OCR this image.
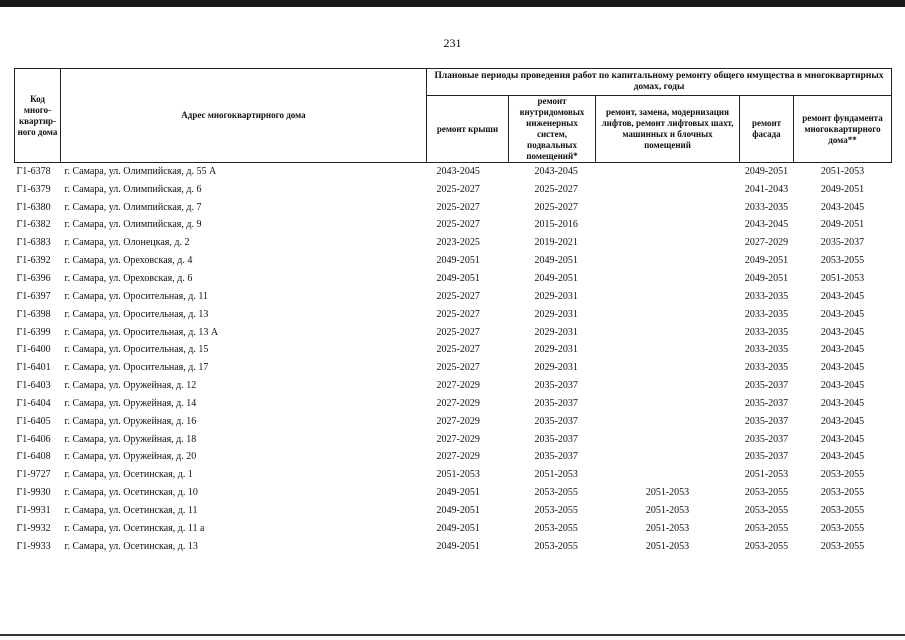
231
Код много-квартир-ного дома	Адрес многоквартирного дома	Плановые периоды проведения работ по капитальному ремонту общего имущества в многоквартирных домах, годы				
		ремонт крыши	ремонт внутридомовых инженерных систем, подвальных помещений*	ремонт, замена, модернизация лифтов, ремонт лифтовых шахт, машинных и блочных помещений	ремонт фасада	ремонт фундамента многоквартирного дома**
Г1-6378	г. Самара, ул. Олимпийская, д. 55 А	2043-2045	2043-2045		2049-2051	2051-2053
Г1-6379	г. Самара, ул. Олимпийская, д. 6	2025-2027	2025-2027		2041-2043	2049-2051
Г1-6380	г. Самара, ул. Олимпийская, д. 7	2025-2027	2025-2027		2033-2035	2043-2045
Г1-6382	г. Самара, ул. Олимпийская, д. 9	2025-2027	2015-2016		2043-2045	2049-2051
Г1-6383	г. Самара, ул. Олонецкая, д. 2	2023-2025	2019-2021		2027-2029	2035-2037
Г1-6392	г. Самара, ул. Ореховская, д. 4	2049-2051	2049-2051		2049-2051	2053-2055
Г1-6396	г. Самара, ул. Ореховская, д. 6	2049-2051	2049-2051		2049-2051	2051-2053
Г1-6397	г. Самара, ул. Оросительная, д. 11	2025-2027	2029-2031		2033-2035	2043-2045
Г1-6398	г. Самара, ул. Оросительная, д. 13	2025-2027	2029-2031		2033-2035	2043-2045
Г1-6399	г. Самара, ул. Оросительная, д. 13 А	2025-2027	2029-2031		2033-2035	2043-2045
Г1-6400	г. Самара, ул. Оросительная, д. 15	2025-2027	2029-2031		2033-2035	2043-2045
Г1-6401	г. Самара, ул. Оросительная, д. 17	2025-2027	2029-2031		2033-2035	2043-2045
Г1-6403	г. Самара, ул. Оружейная, д. 12	2027-2029	2035-2037		2035-2037	2043-2045
Г1-6404	г. Самара, ул. Оружейная, д. 14	2027-2029	2035-2037		2035-2037	2043-2045
Г1-6405	г. Самара, ул. Оружейная, д. 16	2027-2029	2035-2037		2035-2037	2043-2045
Г1-6406	г. Самара, ул. Оружейная, д. 18	2027-2029	2035-2037		2035-2037	2043-2045
Г1-6408	г. Самара, ул. Оружейная, д. 20	2027-2029	2035-2037		2035-2037	2043-2045
Г1-9727	г. Самара, ул. Осетинская, д. 1	2051-2053	2051-2053		2051-2053	2053-2055
Г1-9930	г. Самара, ул. Осетинская, д. 10	2049-2051	2053-2055	2051-2053	2053-2055	2053-2055
Г1-9931	г. Самара, ул. Осетинская, д. 11	2049-2051	2053-2055	2051-2053	2053-2055	2053-2055
Г1-9932	г. Самара, ул. Осетинская, д. 11 а	2049-2051	2053-2055	2051-2053	2053-2055	2053-2055
Г1-9933	г. Самара, ул. Осетинская, д. 13	2049-2051	2053-2055	2051-2053	2053-2055	2053-2055
